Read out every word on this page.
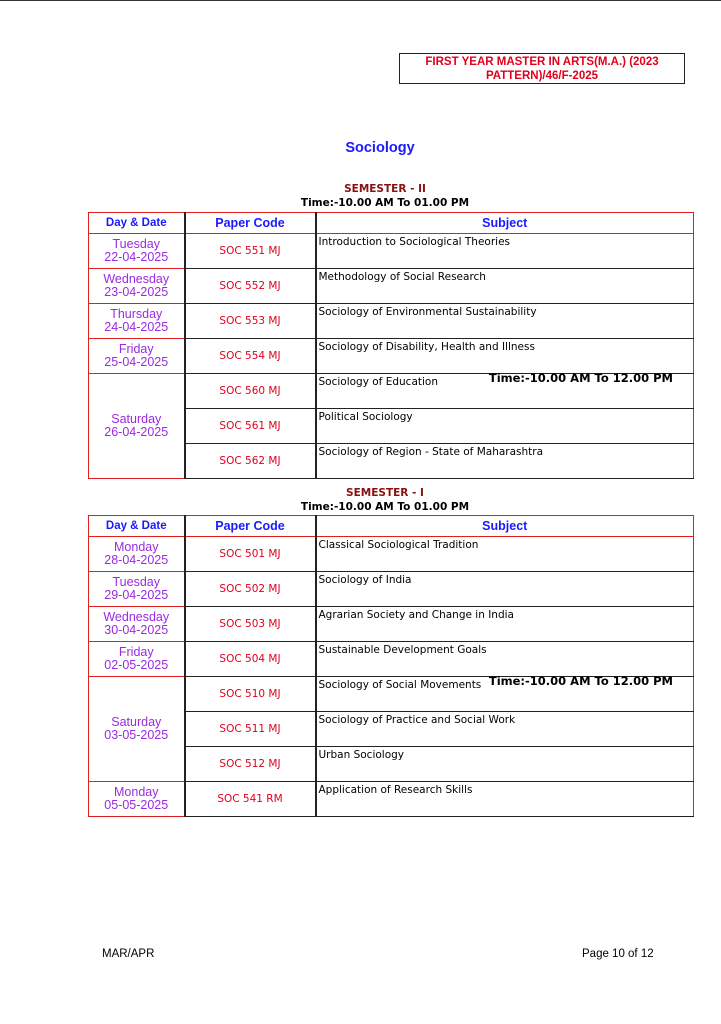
FIRST YEAR MASTER IN ARTS(M.A.) (2023
PATTERN)/46/F-2025
Sociology
SEMESTER - II
Time:-10.00 AM To 01.00 PM
Day & Date	Paper Code	Subject

Tuesday
22-04-2025	SOC 551 MJ	Introduction to Sociological Theories

Wednesday
23-04-2025	SOC 552 MJ	Methodology of Social Research

Thursday
24-04-2025	SOC 553 MJ	Sociology of Environmental Sustainability

Friday
25-04-2025	SOC 554 MJ	Sociology of Disability, Health and Illness
Time:-10.00 AM To 12.00 PM

Saturday
26-04-2025	SOC 560 MJ	Sociology of Education
	SOC 561 MJ	Political Sociology
	SOC 562 MJ	Sociology of Region - State of Maharashtra
SEMESTER - I
Time:-10.00 AM To 01.00 PM
Day & Date	Paper Code	Subject

Monday
28-04-2025	SOC 501 MJ	Classical Sociological Tradition

Tuesday
29-04-2025	SOC 502 MJ	Sociology of India

Wednesday
30-04-2025	SOC 503 MJ	Agrarian Society and Change in India

Friday
02-05-2025	SOC 504 MJ	Sustainable Development Goals
Time:-10.00 AM To 12.00 PM

Saturday
03-05-2025	SOC 510 MJ	Sociology of Social Movements
	SOC 511 MJ	Sociology of Practice and Social Work
	SOC 512 MJ	Urban Sociology

Monday
05-05-2025	SOC 541 RM	Application of Research Skills
MAR/APR	Page 10 of 12
